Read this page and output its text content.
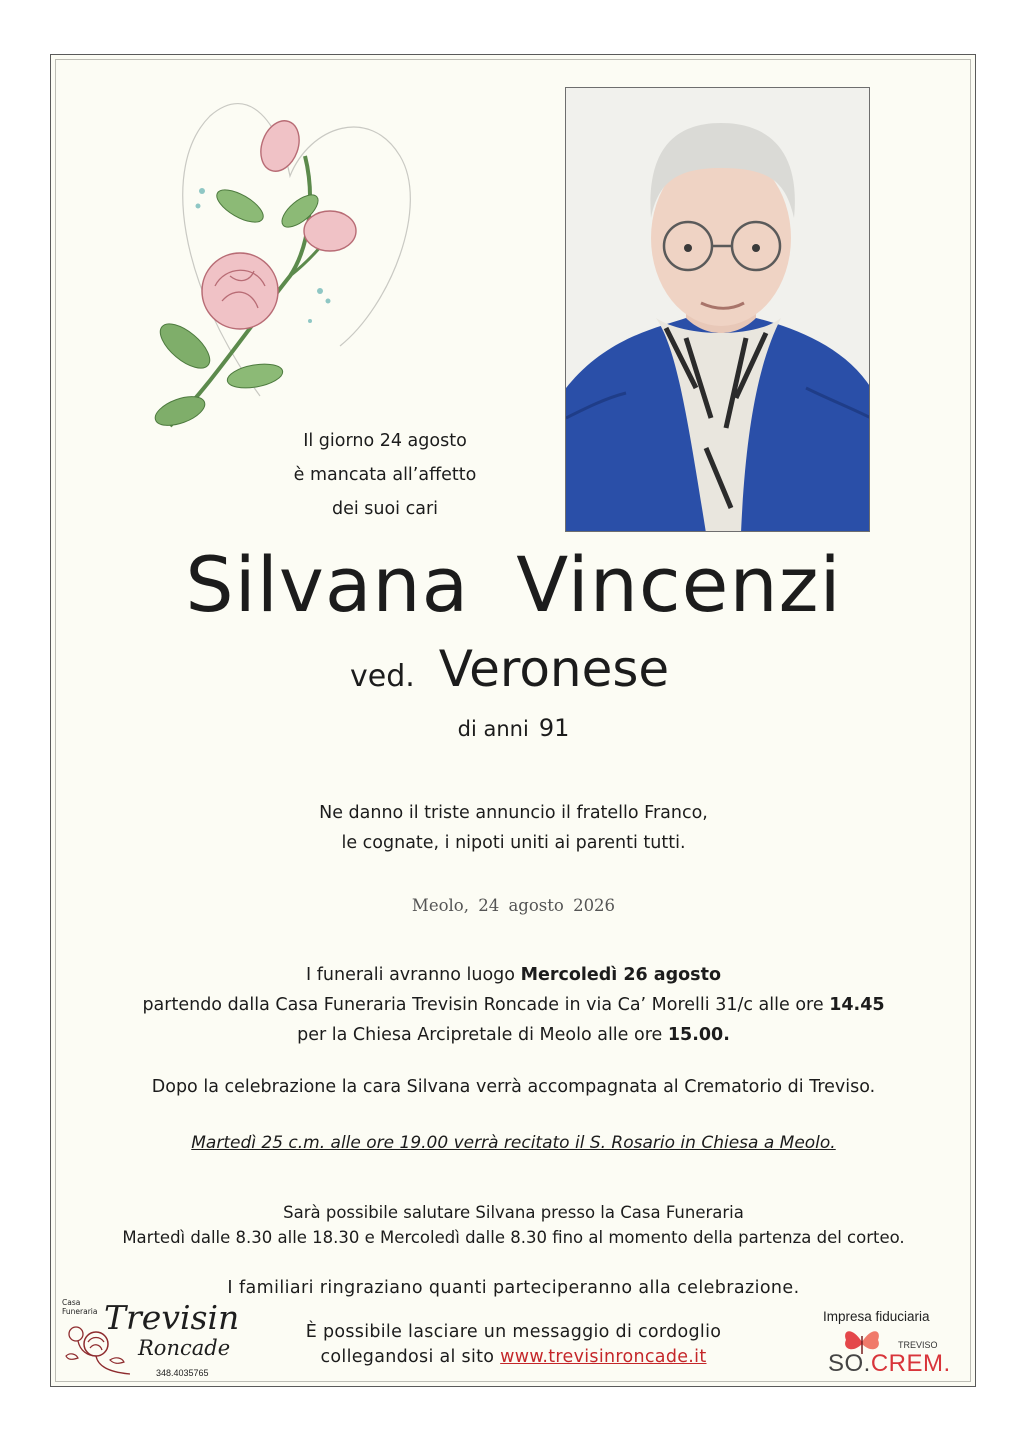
Il giorno 24 agosto
è mancata all’affetto
dei suoi cari
Silvana Vincenzi
ved. Veronese
di anni 91
Ne danno il triste annuncio il fratello Franco,
le cognate, i nipoti uniti ai parenti tutti.
Meolo, 24 agosto 2026
I funerali avranno luogo Mercoledì 26 agosto
partendo dalla Casa Funeraria Trevisin Roncade in via Ca’ Morelli 31/c alle ore 14.45
per la Chiesa Arcipretale di Meolo alle ore 15.00.
Dopo la celebrazione la cara Silvana verrà accompagnata al Crematorio di Treviso.
Martedì 25 c.m. alle ore 19.00 verrà recitato il S. Rosario in Chiesa a Meolo.
Sarà possibile salutare Silvana presso la Casa Funeraria
Martedì dalle 8.30 alle 18.30 e Mercoledì dalle 8.30 fino al momento della partenza del corteo.
I familiari ringraziano quanti parteciperanno alla celebrazione.
È possibile lasciare un messaggio di cordoglio
collegandosi al sito www.trevisinroncade.it
Casa
Funeraria Trevisin
Roncade
348.4035765
Impresa fiduciaria
TREVISO
SO.CREM.
